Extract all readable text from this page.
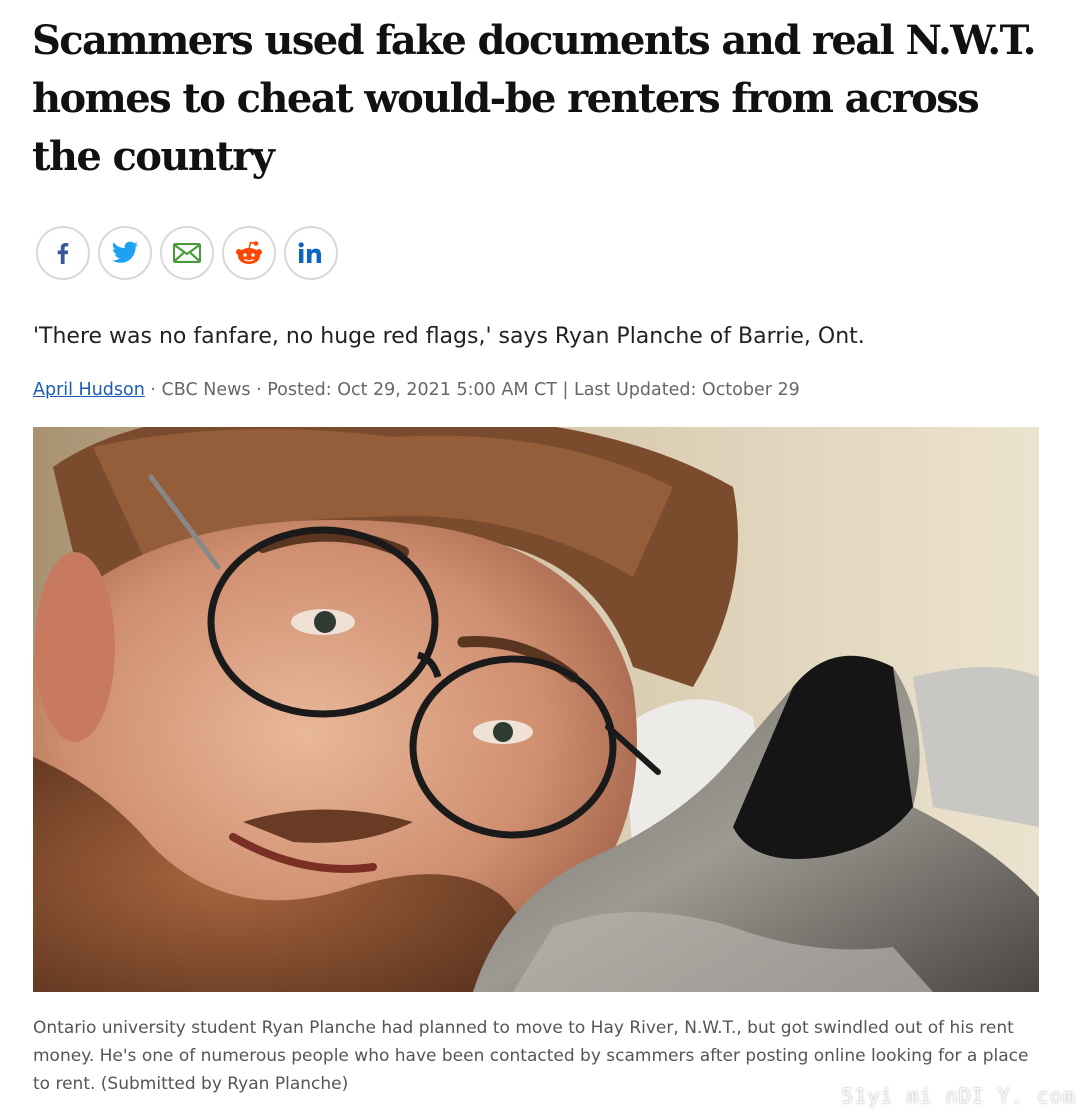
Scammers used fake documents and real N.W.T. homes to cheat would-be renters from across the country

'There was no fanfare, no huge red flags,' says Ryan Planche of Barrie, Ont.

April Hudson · CBC News · Posted: Oct 29, 2021 5:00 AM CT | Last Updated: October 29

Ontario university student Ryan Planche had planned to move to Hay River, N.W.T., but got swindled out of his rent money. He's one of numerous people who have been contacted by scammers after posting online looking for a place to rent. (Submitted by Ryan Planche)	51yi mi nDI Y. com
